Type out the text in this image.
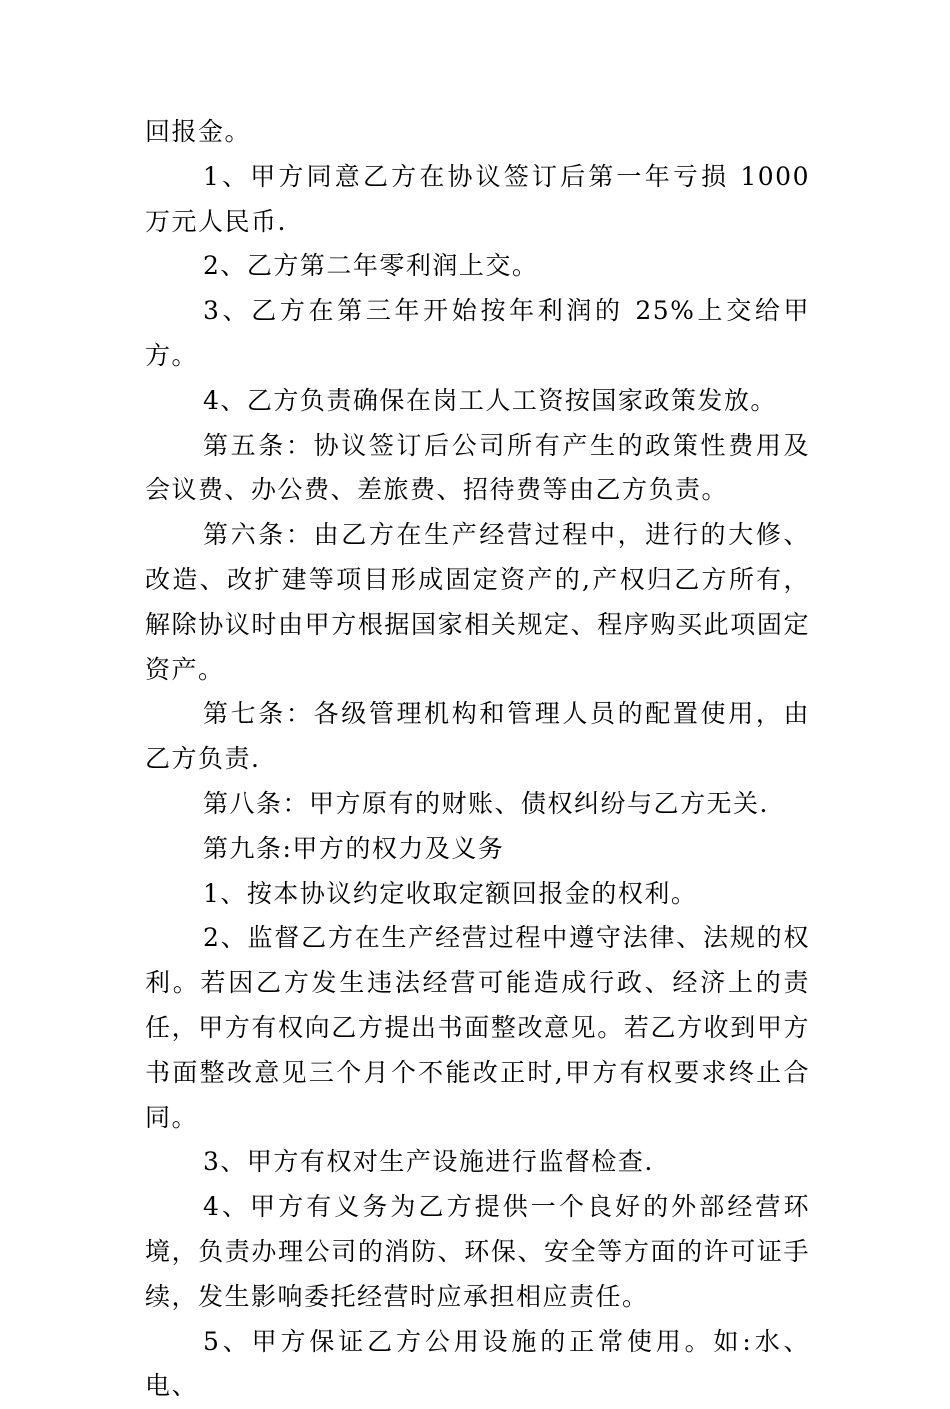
回报金。

1、甲方同意乙方在协议签订后第一年亏损 1000 万元人民币.

2、乙方第二年零利润上交。

3、乙方在第三年开始按年利润的 25%上交给甲方。

4、乙方负责确保在岗工人工资按国家政策发放。

第五条：协议签订后公司所有产生的政策性费用及会议费、办公费、差旅费、招待费等由乙方负责。

第六条：由乙方在生产经营过程中，进行的大修、改造、改扩建等项目形成固定资产的,产权归乙方所有，解除协议时由甲方根据国家相关规定、程序购买此项固定资产。

第七条：各级管理机构和管理人员的配置使用，由乙方负责.

第八条：甲方原有的财账、债权纠纷与乙方无关.

第九条:甲方的权力及义务

1、按本协议约定收取定额回报金的权利。

2、监督乙方在生产经营过程中遵守法律、法规的权利。若因乙方发生违法经营可能造成行政、经济上的责任，甲方有权向乙方提出书面整改意见。若乙方收到甲方书面整改意见三个月个不能改正时,甲方有权要求终止合同。

3、甲方有权对生产设施进行监督检查.

4、甲方有义务为乙方提供一个良好的外部经营环境，负责办理公司的消防、环保、安全等方面的许可证手续，发生影响委托经营时应承担相应责任。

5、甲方保证乙方公用设施的正常使用。如:水、电、
